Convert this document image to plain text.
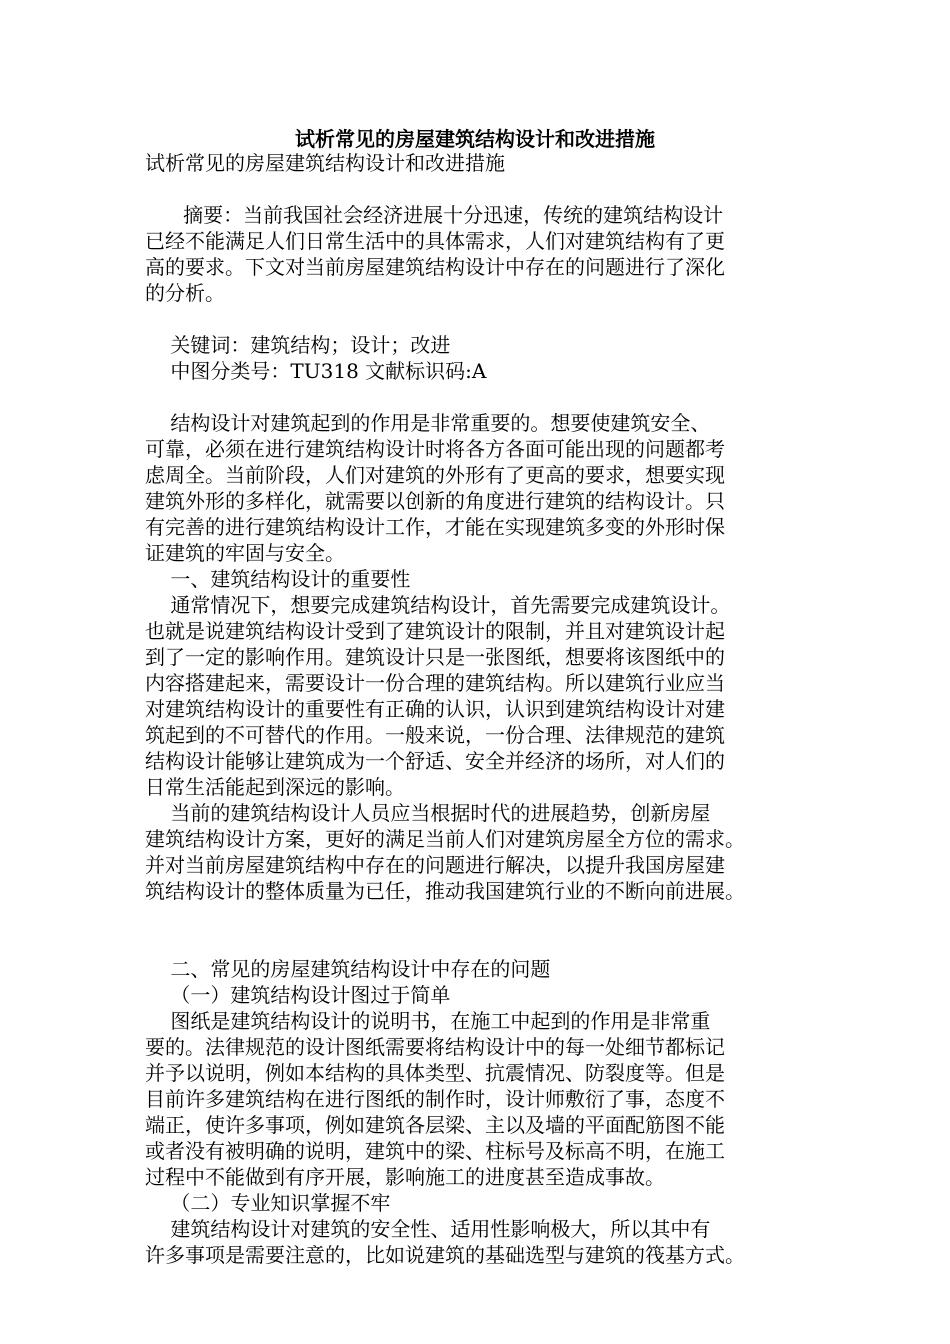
试析常见的房屋建筑结构设计和改进措施
试析常见的房屋建筑结构设计和改进措施
摘要：当前我国社会经济进展十分迅速，传统的建筑结构设计
已经不能满足人们日常生活中的具体需求，人们对建筑结构有了更
高的要求。下文对当前房屋建筑结构设计中存在的问题进行了深化
的分析。
关键词：建筑结构；设计；改进
中图分类号：TU318 文献标识码:A
结构设计对建筑起到的作用是非常重要的。想要使建筑安全、
可靠，必须在进行建筑结构设计时将各方各面可能出现的问题都考
虑周全。当前阶段，人们对建筑的外形有了更高的要求，想要实现
建筑外形的多样化，就需要以创新的角度进行建筑的结构设计。只
有完善的进行建筑结构设计工作，才能在实现建筑多变的外形时保
证建筑的牢固与安全。
一、建筑结构设计的重要性
通常情况下，想要完成建筑结构设计，首先需要完成建筑设计。
也就是说建筑结构设计受到了建筑设计的限制，并且对建筑设计起
到了一定的影响作用。建筑设计只是一张图纸，想要将该图纸中的
内容搭建起来，需要设计一份合理的建筑结构。所以建筑行业应当
对建筑结构设计的重要性有正确的认识，认识到建筑结构设计对建
筑起到的不可替代的作用。一般来说，一份合理、法律规范的建筑
结构设计能够让建筑成为一个舒适、安全并经济的场所，对人们的
日常生活能起到深远的影响。
当前的建筑结构设计人员应当根据时代的进展趋势，创新房屋
建筑结构设计方案，更好的满足当前人们对建筑房屋全方位的需求。
并对当前房屋建筑结构中存在的问题进行解决，以提升我国房屋建
筑结构设计的整体质量为已任，推动我国建筑行业的不断向前进展。
二、常见的房屋建筑结构设计中存在的问题
（一）建筑结构设计图过于简单
图纸是建筑结构设计的说明书，在施工中起到的作用是非常重
要的。法律规范的设计图纸需要将结构设计中的每一处细节都标记
并予以说明，例如本结构的具体类型、抗震情况、防裂度等。但是
目前许多建筑结构在进行图纸的制作时，设计师敷衍了事，态度不
端正，使许多事项，例如建筑各层梁、主以及墙的平面配筋图不能
或者没有被明确的说明，建筑中的梁、柱标号及标高不明，在施工
过程中不能做到有序开展，影响施工的进度甚至造成事故。
（二）专业知识掌握不牢
建筑结构设计对建筑的安全性、适用性影响极大，所以其中有
许多事项是需要注意的，比如说建筑的基础选型与建筑的筏基方式。
